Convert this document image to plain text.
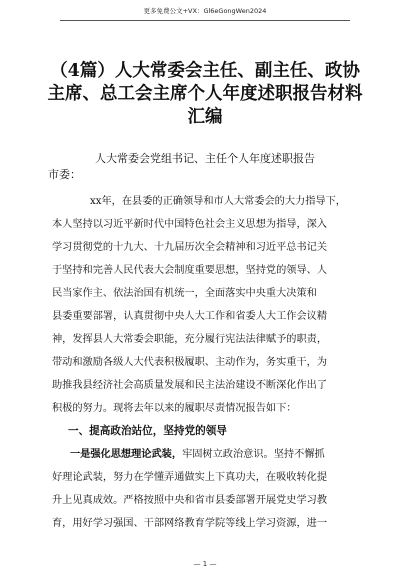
更多免费公文+VX：Gl6eGongWen2024
（4篇）人大常委会主任、副主任、政协
主席、总工会主席个人年度述职报告材料
汇编
人大常委会党组书记、主任个人年度述职报告
市委：
xx年，在县委的正确领导和市人大常委会的大力指导下，
本人坚持以习近平新时代中国特色社会主义思想为指导，深入
学习贯彻党的十九大、十九届历次全会精神和习近平总书记关
于坚持和完善人民代表大会制度重要思想，坚持党的领导、人
民当家作主、依法治国有机统一，全面落实中央重大决策和
县委重要部署，认真贯彻中央人大工作和省委人大工作会议精
神，发挥县人大常委会职能，充分履行宪法法律赋予的职责，
带动和激励各级人大代表积极履职、主动作为，务实重干，为
助推我县经济社会高质量发展和民主法治建设不断深化作出了
积极的努力。现将去年以来的履职尽责情况报告如下：
一、提高政治站位，坚持党的领导
一是强化思想理论武装，牢固树立政治意识。坚持不懈抓
好理论武装，努力在学懂弄通做实上下真功夫，在吸收转化提
升上见真成效。严格按照中央和省市县委部署开展党史学习教
育，用好学习强国、干部网络教育学院等线上学习资源，进一
— 1 —
